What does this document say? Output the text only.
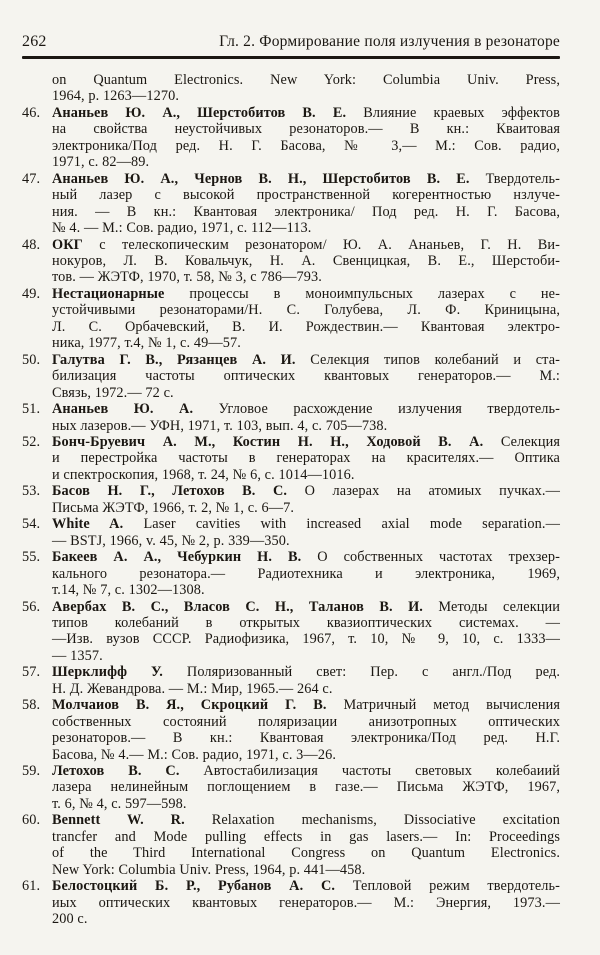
262	Гл. 2. Формирование поля излучения в резонаторе
on Quantum Electronics. New York: Columbia Univ. Press,
1964, p. 1263—1270.
46. Ананьев Ю. А., Шерстобитов В. Е. Влияние краевых эффектов
на свойства неустойчивых резонаторов.— В кн.: Кваитовая
электроника/Под ред. Н. Г. Басова, № 3,— М.: Сов. радио,
1971, с. 82—89.
47. Ананьев Ю. А., Чернов В. Н., Шерстобитов В. Е. Твердотель-
ный лазер с высокой пространственной когерентностью нзлуче-
ния. — В кн.: Квантовая электроника/ Под ред. Н. Г. Басова,
№ 4. — М.: Сов. радио, 1971, с. 112—113.
48. ОКГ с телескопическим резонатором/ Ю. А. Ананьев, Г. Н. Ви-
нокуров, Л. В. Ковальчук, Н. А. Свенцицкая, В. Е., Шерстоби-
тов. — ЖЭТФ, 1970, т. 58, № 3, с 786—793.
49. Нестационарные процессы в моноимпульсных лазерах с не-
устойчивыми резонаторами/Н. С. Голубева, Л. Ф. Криницына,
Л. С. Орбачевский, В. И. Рождествин.— Квантовая электро-
ника, 1977, т.4, № 1, с. 49—57.
50. Галутва Г. В., Рязанцев А. И. Селекция типов колебаний и ста-
билизация частоты оптических квантовых генераторов.— М.:
Связь, 1972.— 72 с.
51. Ананьев Ю. А. Угловое расхождение излучения твердотель-
ных лазеров.— УФН, 1971, т. 103, вып. 4, с. 705—738.
52. Бонч-Бруевич А. М., Костин Н. Н., Ходовой В. А. Селекция
и перестройка частоты в генераторах на красителях.— Оптика
и спектроскопия, 1968, т. 24, № 6, с. 1014—1016.
53. Басов Н. Г., Летохов В. С. О лазерах на атомиых пучках.—
Письма ЖЭТФ, 1966, т. 2, № 1, с. 6—7.
54. White A. Laser cavities with increased axial mode separation.—
— BSTJ, 1966, v. 45, № 2, p. 339—350.
55. Бакеев А. А., Чебуркин Н. В. О собственных частотах трехзер-
кального резонатора.— Радиотехника и электроника, 1969,
т.14, № 7, с. 1302—1308.
56. Авербах В. С., Власов С. Н., Таланов В. И. Методы селекции
типов колебаний в открытых квазиоптических системах. —
—Изв. вузов СССР. Радиофизика, 1967, т. 10, № 9, 10, с. 1333—
— 1357.
57. Шерклифф У. Поляризованный свет: Пер. с англ./Под ред.
Н. Д. Жевандрова. — М.: Мир, 1965.— 264 с.
58. Молчаиов В. Я., Скроцкий Г. В. Матричный метод вычисления
собственных состояний поляризации анизотропных оптических
резонаторов.— В кн.: Квантовая электроника/Под ред. Н.Г.
Басова, № 4.— М.: Сов. радио, 1971, с. 3—26.
59. Летохов В. С. Автостабилизация частоты световых колебаиий
лазера нелинейным поглощением в газе.— Письма ЖЭТФ, 1967,
т. 6, № 4, с. 597—598.
60. Bennett W. R. Relaxation mechanisms, Dissociative excitation
trancfer and Mode pulling effects in gas lasers.— In: Proceedings
of the Third International Congress on Quantum Electronics.
New York: Columbia Univ. Press, 1964, p. 441—458.
61. Белостоцкий Б. Р., Рубанов А. С. Тепловой режим твердотель-
иых оптических квантовых генераторов.— М.: Энергия, 1973.—
200 с.
